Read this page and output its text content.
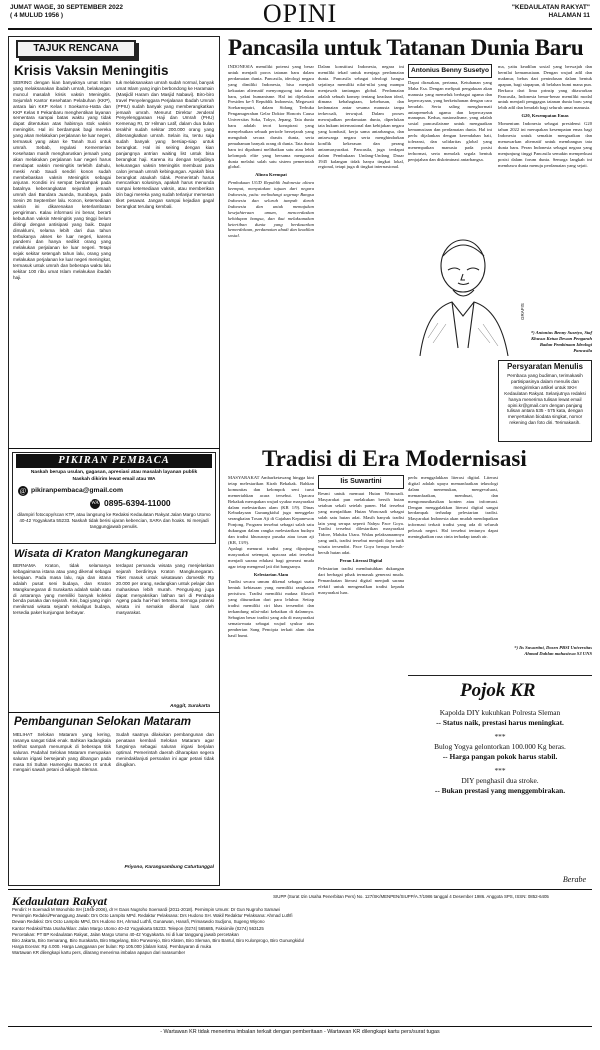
JUMAT WAGE, 30 SEPTEMBER 2022
( 4 MULUD 1956 )	OPINI	"KEDAULATAN RAKYAT"
HALAMAN 11
TAJUK RENCANA
Krisis Vaksin Meningitis

SEIRING dengan kian banyaknya umat Islam yang melaksanakan ibadah umrah, belakangan muncul masalah krisis vaksin Meningitis. Sejumlah Kantor Kesehatan Pelabuhan (KKP), antara lain KKP Kelas I Soekarno-Hatta dan KKP Kelas II Pekanbaru menghentikan layanan sementara sampai batas waktu yang tidak dapat ditentukan atas habisnya stok vaksin meningitis. Hal ini berdampak bagi mereka yang akan melakukan perjalanan ke luar negeri, termasuk yang akan ke Tanah Suci untuk umrah. Sebab, regulasi Kementerian Kesehatan masih mengharuskan jemaah yang akan melakukan perjalanan luar negeri harus mendapat vaksin meningitis terlebih dahulu, meski Arab Saudi sendiri konon sudah membebaskan vaksin Meningitis sebagai anjuran. Kondisi ini sempat berdampak pada batalnya keberangkatan sejumlah jemaah umrah dari Bandara Juanda, Surabaya, pada Senin 26 September lalu. Konon, ketersediaan vaksin ini dikarenakan keterlambatan pengiriman. Kalau informasi ini benar, berarti kebutuhan vaksin Meningitis yang tinggi belum diiringi dengan antisipasi yang baik. Dapat dimaklumi, selama lebih dari dua tahun terbukanya akses ke luar negeri, karena pandemi dan hanya sedikit orang yang melakukan perjalanan ke luar negeri. Tetapi sejak sekitar setengah tahun lalu, orang yang melakukan perjalanan ke luar negeri meningkat, termasuk untuk umrah dan beberapa waktu lalu sekitar 100 ribu umat Islam melakukan ibadah haji.

tuk melaksanakan umrah sudah normal, banyak umat Islam yang ingin berbondong ke Haramain (Masjidil Haram dan Masjid Nabawi). Biro-biro travel Penyelenggara Perjalanan Ibadah Umrah (PPIU) sudah banyak yang memberangkatkan jemaah umrah. Menurut Direktur Jenderal Penyelenggaraan Haji dan Umrah (PHU) Kemenag RI, Dr Hilman Latif, dalam dua bulan terakhir sudah sekitar 200.000 orang yang diberangkatkan umrah. Selain itu, tentu saja sudah banyak yang bersiap-siap untuk berangkat. Hal ini seiring dengan kian panjangnya antrian waiting list untuk bisa berangkat haji. Karena itu dengan terjadinya kekurangan vaksin Meningitis membuat para calon jemaah umrah kebingungan. Apakah bisa berangkat ataukah tidak. Pemerintah harus mencarikan solusinya, apakah harus menunda sampai ketersediaan vaksin, atau memberikan izin bagi mereka yang sudah terlanjur memesan tiket pesawat. Jangan sampai kejadian gagal berangkat terulang kembali.

PIKIRAN PEMBACA
Naskah berupa usulan, gagasan, apresiasi atau masalah layanan publik
Naskah dikirim lewat email atau WA
@ pikiranpembaca@gmail.com
WA 0895-6394-11000
dilampiri fotocopy/scan KTP, atau langsung ke Redaksi Kedaulatan Rakyat Jalan Margo Utomo 40-42 Yogyakarta 55233. Naskah tidak berisi ujaran kebencian, SARA dan hoaks. Isi menjadi tanggungjawab penulis.
Wisata di Kraton Mangkunegaran

BERNAMA Kraton, tidak selamanya sebagaimana istana atau yang dikenal sebagai kerajaan. Pada masa lalu, raja dan istana adalah pusat seni budaya, dan Kraton Mangkunegaran di Surakarta adalah salah satu di antaranya yang memiliki banyak koleksi benda pusaka dan sejarah. Kini, bagi yang ingin menikmati wisata sejarah sekaligus budaya, tersedia paket kunjungan berbayar.

terdapat pemandu wisata yang menjelaskan sejarah berdirinya Kraton Mangkunegaran. Tiket masuk untuk wisatawan domestik Rp 20.000 per orang, sedangkan untuk pelajar dan mahasiswa lebih murah. Pengunjung juga dapat menyaksikan latihan tari di Pendapa Ageng pada hari-hari tertentu. Semoga potensi wisata ini semakin dikenal luas oleh masyarakat.

Anggit, Surakarta
Pembangunan Selokan Mataram

MELIHAT Selokan Mataram yang kering, rasanya sangat tidak enak. Bahkan kadangkala terlihat sampah menumpuk di beberapa titik saluran. Padahal Selokan Mataram merupakan saluran irigasi bersejarah yang dibangun pada masa Sri Sultan Hamengku Buwono IX untuk mengairi sawah petani di wilayah Sleman.

Sudah saatnya dilakukan pembangunan dan penataan kembali Selokan Mataram agar fungsinya sebagai saluran irigasi berjalan optimal. Pemerintah daerah diharapkan segera menindaklanjuti persoalan ini agar petani tidak dirugikan.

Priyono, Karangsambung Caturtunggal
Pancasila untuk Tatanan Dunia Baru

INDONESIA memiliki potensi yang besar untuk menjadi poros tatanan baru dalam perdamaian dunia. Pancasila, ideologi negara yang dimiliki Indonesia, bisa menjadi kekuatan alternatif menyongsong tata dunia baru, yakni humanisme. Hal ini dijelaskan Presiden ke-5 Republik Indonesia, Megawati Soekarnoputri, dalam Sidang Terbuka Penganugerahan Gelar Doktor Honoris Causa Universitas Soka, Tokyo, Jepang. Tata dunia baru adalah teori konspirasi yang menyebutkan sebuah periode bersejarah yang mengubah secara drastis dunia, serta pemahaman banyak orang di dunia. Tata dunia baru ini dipahami melibatkan satu atau lebih kelompok elite yang bersama menguasai dunia melalui salah satu sistem pemerintah global.

Alinea Keempat

Pembukaan UUD Republik Indonesia alinea keempat, menyatakan tujuan dari negara Indonesia, yaitu: melindungi segenap Bangsa Indonesia dan seluruh tumpah darah Indonesia dan untuk memajukan kesejahteraan umum, mencerdaskan kehidupan bangsa, dan ikut melaksanakan ketertiban dunia yang berdasarkan kemerdekaan, perdamaian abadi dan keadilan sosial.

Dalam konstitusi Indonesia, negara ini memiliki tekad untuk menjaga perdamaian dunia. Pancasila sebagai ideologi bangsa sejatinya memiliki nilai-nilai yang mampu menjawab tantangan global. Perdamaian adalah sebuah konsep tentang keadaan ideal, dimana kebahagiaan, kebebasan, dan kedamaian antar sesama manusia tanpa terkecuali, terwujud. Dalam proses mewujudkan perdamaian dunia, diperlukan tata hukum internasional dan kebijakan negara yang kondusif, kerja sama antarbangsa, dan antarwarga negara serta menghindarkan konflik kekerasan dan perang antarmasyarakat. Pancasila, juga terdapat dalam Pembukaan Undang-Undang Dasar 1945 kalangan tidak hanya tingkat lokal, regional, tetapi juga di tingkat internasional.

Antonius Benny Susetyo

Dapat dirasakan, pertama, Ketuhanan yang Maha Esa. Dengan meliputi pengakuan akan manusia yang memeluk berbagai agama dan kepercayaan, yang berketuhanan dengan cara beradab. Serta saling menghormati antarpemeluk agama dan kepercayaan manapun. Kedua, nasionalisme, yang adalah sosial pancasilaisme untuk menguatkan kemanusiaan dan perdamaian dunia. Hal ini perlu dijalankan dengan kerendahan hati, toleransi, dan solidaritas global yang menempatkan manusia pada posisi terhormat, serta menolak segala bentuk penjajahan dan diskriminasi antarbangsa.

GRAFIS

ma, yaitu keadilan sosial yang berwajah dan bernilai kemanusiaan. Dengan wujud adil dan makmur, bebas dari penindasan dalam bentuk apapun, bagi siapapun, di belahan bumi mana pun. Berkaca dari lima prinsip yang ditawarkan Pancasila, Indonesia benar-benar memiliki modal untuk menjadi penggagas tatanan dunia baru yang lebih adil dan beradab bagi seluruh umat manusia.

G20, Kesempatan Emas

Momentum Indonesia sebagai presidensi G20 tahun 2022 ini merupakan kesempatan emas bagi Indonesia untuk semakin menguatkan dan menawarkan alternatif untuk membangun tata dunia baru. Peran Indonesia sebagai negara yang menjunjung tinggi Pancasila semakin memperkuat posisi dalam forum dunia. Semoga langkah ini membawa dunia menuju perdamaian yang sejati.

*) Antonius Benny Susetyo, Staf Khusus Ketua Dewan Pengarah Badan Pembinaan Ideologi Pancasila
Persyaratan Menulis
Pembaca yang budiman, terimakasih partisipasinya dalam menulis dan mengirimkan artikel untuk SKH Kedaulatan Rakyat. Selanjutnya redaksi hanya menerima tulisan lewat email opini.kr@gmail.com dengan panjang tulisan antara 535 - 575 kata, dengan menyertakan biodata singkat, nomor rekening dan foto diri. Terimakasih.
Tradisi di Era Modernisasi

MASYARAKAT Ambarketawang hingga kini tetap melestarikan Kirab Bekakak. Bahkan komunitas dan kelompok seni turut memeriahkan acara tersebut. Upacara Bekakak merupakan wujud syukur masyarakat dalam melestarikan alam (KR 1/9). Dinas Kebudayaan Gunungkidul juga menggelar serangkaian Tosan Aji di Gajahan Kepanewon Ponjong. Program tersebut sebagai salah satu dukungan dalam rangka melestarikan budaya dan tradisi khususnya pusaka atau tosan aji (KR, 13/9).

Apalagi menurut tradisi yang dijunjung masyarakat setempat, upacara adat tersebut menjadi sarana edukasi bagi generasi muda agar tetap mengenal jati diri bangsanya.

Kelestarian Alam

Tradisi secara umum dikenal sebagai suatu bentuk kebiasaan yang memiliki rangkaian peristiwa. Tradisi memiliki makna filosofi yang diturunkan dari para leluhur. Setiap tradisi memiliki ciri khas tersendiri dan terkandung nilai-nilai kebaikan di dalamnya. Sebagian besar tradisi yang ada di masyarakat semata-mata sebagai wujud syukur atas pemberian Sang Pencipta terkait alam dan hasil bumi.

Iis Suwartini

Resmi untuk memuat Hutan Wonosadi. Masyarakat pun melakukan bersih hutan setahun sekali setelah panen. Hal tersebut yang menjadikan Hutan Wonosadi sebagai salah satu hutan adat. Masih banyak tradisi lain yang serupa seperti Nahyu Pace Goya. Tradisi tersebut dilestarikan masyarakat Tidore, Maluku Utara. Walau pelaksanaannya yang unik, tradisi tersebut menjadi daya tarik wisata tersendiri. Pace Goya berupa bersih-bersih hutan adat.

Peran Literasi Digital

Pelestarian tradisi membutuhkan dukungan dari berbagai pihak termasuk generasi muda. Pemanfaatan literasi digital menjadi sarana efektif untuk mengenalkan tradisi kepada masyarakat luas.

perlu menggalakkan literasi digital. Literasi digital adalah upaya memanfaatkan teknologi dalam menemukan, mengevaluasi, memanfaatkan, membuat, dan mengomunikasikan konten atau informasi. Dengan menggalakkan literasi digital sangat berdampak terhadap pelestarian tradisi. Masyarakat Indonesia akan mudah mendapatkan informasi terkait tradisi yang ada di seluruh pelosok negeri. Hal tersebut tentunya dapat meningkatkan rasa cinta terhadap tanah air.

*) Iis Suwartini, Dosen PBSI Universitas Ahmad Dahlan mahasiswa S3 UNS
Pojok KR
Kapolda DIY kukuhkan Polresta Sleman
-- Status naik, prestasi harus meningkat.
***
Bulog Yogya gelontorkan 100.000 Kg beras.
-- Harga pangan pokok harus stabil.
***
DIY penghasil dua stroke.
-- Bukan prestasi yang menggembirakan.
Berabe
Kedaulatan Rakyat	SIUPP (Surat Izin Usaha Penerbitan Pers) No. 127/SK/MENPEN/SIUPP/A.7/1986 tanggal 4 Desember 1986. Anggota SPS, ISSN: 0852-6405
Pendiri: H Soemadi M Wonohito SH (1945-2006), dr H Gaos Nugroho Soemardi (2011-2018). Pemimpin Umum: Dr Gun Nugroho Samawi
Pemimpin Redaksi/Penanggung Jawab: Drs Octo Lampito MPd. Redaktur Pelaksana: Drs Hudono SH. Wakil Redaktur Pelaksana: Ahmad Luthfi
Dewan Redaksi: Drs Octo Lampito MPd, Drs Hudono SH, Ahmad Luthfi, Gunarwan, Hanafi, Primaswolo Sudjono, Sugeng Wiyono
Kantor Redaksi/Tata Usaha/Iklan: Jalan Margo Utomo 40-42 Yogyakarta 55233. Telepon (0274) 565685, Faksimile (0274) 563125
Percetakan: PT BP Kedaulatan Rakyat, Jalan Margo Utomo 40-42 Yogyakarta. Isi di luar tanggung jawab percetakan
Biro Jakarta, Biro Semarang, Biro Surakarta, Biro Magelang, Biro Purworejo, Biro Klaten, Biro Sleman, Biro Bantul, Biro Kulonprogo, Biro Gunungkidul
Harga Eceran: Rp 4.000. Harga Langganan per bulan: Rp 105.000 (dalam kota). Pembayaran di muka
Wartawan KR dilengkapi kartu pers, dilarang menerima imbalan apapun dari narasumber
- Wartawan KR tidak menerima imbalan terkait dengan pemberitaan - Wartawan KR dilengkapi kartu pers/surat tugas
